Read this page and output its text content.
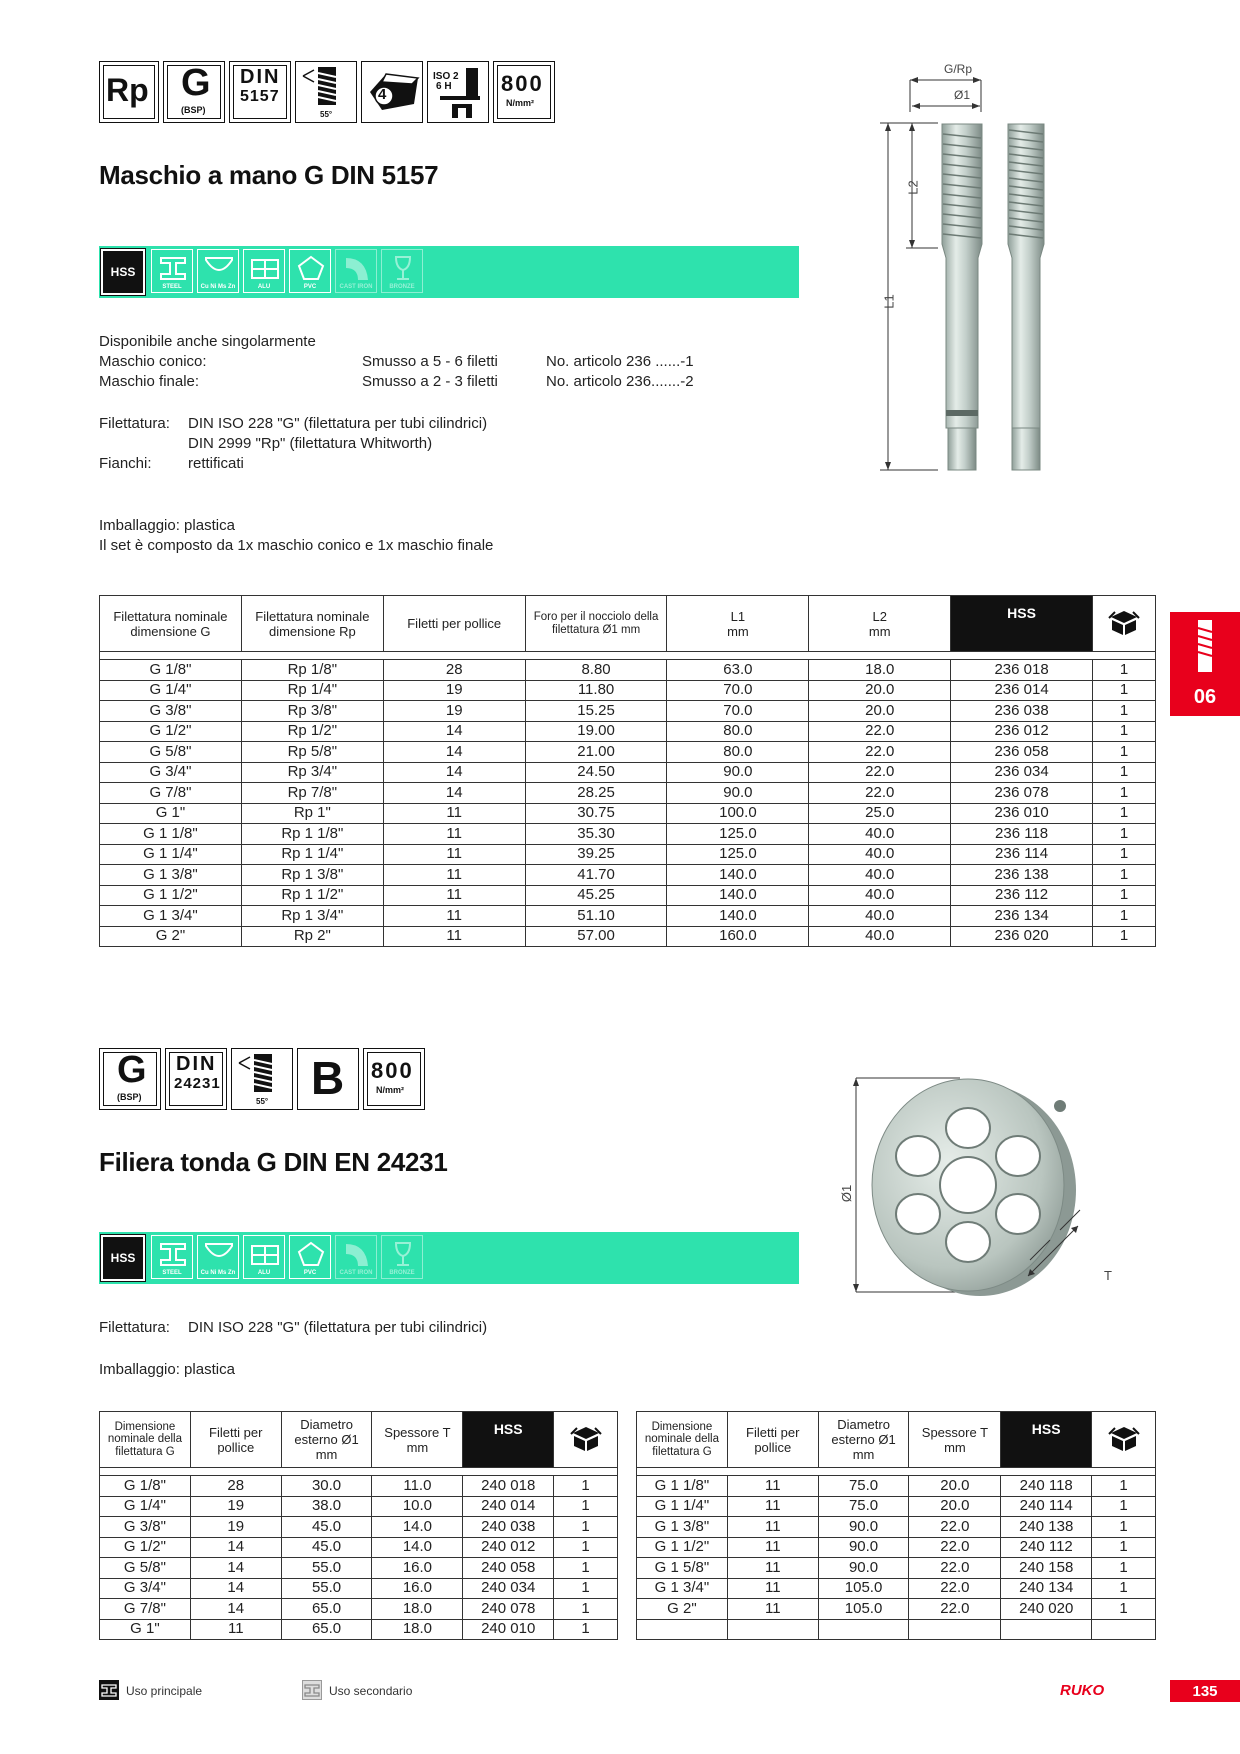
Rp G
(BSP)
DIN
5157
55°
4
ISO 2
6 H 800
N/mm²
Maschio a mano G DIN 5157
HSS
STEEL	Cu Ni Ms Zn	ALU	PVC	CAST IRON	BRONZE
Disponibile anche singolarmente
Maschio conico:	Smusso a 5 - 6 filetti	No. articolo 236 ......-1
Maschio finale:	Smusso a 2 - 3 filetti	No. articolo 236.......-2
Filettatura: DIN ISO 228 "G" (filettatura per tubi cilindrici)
DIN 2999 "Rp" (filettatura Whitworth)
Fianchi: rettificati
Imballaggio: plastica
Il set è composto da 1x maschio conico e 1x maschio finale
G/Rp
Ø1
L1
L2
06
Filettatura nominale dimensione G	Filettatura nominale dimensione Rp	Filetti per pollice	Foro per il nocciolo della filettatura Ø1 mm	L1
mm	L2
mm	HSS	

G 1/8"	Rp 1/8"	28	8.80	63.0	18.0	236 018	1
G 1/4"	Rp 1/4"	19	11.80	70.0	20.0	236 014	1
G 3/8"	Rp 3/8"	19	15.25	70.0	20.0	236 038	1
G 1/2"	Rp 1/2"	14	19.00	80.0	22.0	236 012	1
G 5/8"	Rp 5/8"	14	21.00	80.0	22.0	236 058	1
G 3/4"	Rp 3/4"	14	24.50	90.0	22.0	236 034	1
G 7/8"	Rp 7/8"	14	28.25	90.0	22.0	236 078	1
G 1"	Rp 1"	11	30.75	100.0	25.0	236 010	1
G 1 1/8"	Rp 1 1/8"	11	35.30	125.0	40.0	236 118	1
G 1 1/4"	Rp 1 1/4"	11	39.25	125.0	40.0	236 114	1
G 1 3/8"	Rp 1 3/8"	11	41.70	140.0	40.0	236 138	1
G 1 1/2"	Rp 1 1/2"	11	45.25	140.0	40.0	236 112	1
G 1 3/4"	Rp 1 3/4"	11	51.10	140.0	40.0	236 134	1
G 2"	Rp 2"	11	57.00	160.0	40.0	236 020	1
G
(BSP)
DIN
24231
55° B 800
N/mm²
Filiera tonda G DIN EN 24231
HSS
STEEL	Cu Ni Ms Zn	ALU	PVC	CAST IRON	BRONZE
Filettatura: DIN ISO 228 "G" (filettatura per tubi cilindrici)
Imballaggio: plastica
Ø1
T
Dimensione nominale della filettatura G	Filetti per pollice	Diametro esterno Ø1 mm	Spessore T mm	HSS	

G 1/8"	28	30.0	11.0	240 018	1
G 1/4"	19	38.0	10.0	240 014	1
G 3/8"	19	45.0	14.0	240 038	1
G 1/2"	14	45.0	14.0	240 012	1
G 5/8"	14	55.0	16.0	240 058	1
G 3/4"	14	55.0	16.0	240 034	1
G 7/8"	14	65.0	18.0	240 078	1
G 1"	11	65.0	18.0	240 010	1
Dimensione nominale della filettatura G	Filetti per pollice	Diametro esterno Ø1 mm	Spessore T mm	HSS	

G 1 1/8"	11	75.0	20.0	240 118	1
G 1 1/4"	11	75.0	20.0	240 114	1
G 1 3/8"	11	90.0	22.0	240 138	1
G 1 1/2"	11	90.0	22.0	240 112	1
G 1 5/8"	11	90.0	22.0	240 158	1
G 1 3/4"	11	105.0	22.0	240 134	1
G 2"	11	105.0	22.0	240 020	1

Uso principale	Uso secondario	RUKO	135
